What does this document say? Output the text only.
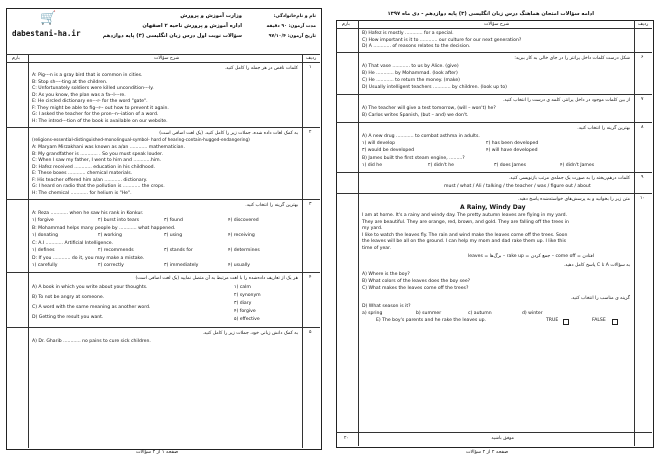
🛒
dabestani-ha.ir
وزارت آموزش و پرورش
اداره آموزش و پرورش ناحیه ۲ اصفهان
سؤالات نوبت اول درس زبان انگلیسی (۳) پایه دوازدهم
نام و نام‌خانوادگی:
مدت آزمون: ۹۰ دقیقه
تاریخ آزمون: ۹۷/۱۰/۴
بارم	شرح سؤالات	ردیف
۱
کلمات ناقص در هر جمله را کامل کنید.
A: Pig---n is a gray bird that is common in cities.
B: Stop sh----ting at the children.
C: Unfortunately soldiers were killed uncondition---ly.
D: As you know, the plan was a fa--l---re.
E: He circled dictionary en---r- for the word "gate".
F: They might be able to fig--r-- out how to prevent it again.
G: I asked the teacher for the pron--n--iation of a word.
H: The introd---tion of the book is available on our website.
۲
به کمک لغات داده شده، جملات زیر را کامل کنید. (یک لغت اضافی است)
(religions-essential-distinguished-monolingual-symbol- hard of hearing-contain-hugged-endangering)
A: Maryam Mirzakhani was known as a/an ............ mathematician.
B: My grandfather is ............ . So you must speak louder.
C: When I saw my father, I went to him and ............him.
D: Hafez received ............ education in his childhood.
E: These boxes ............ chemical materials.
F: His teacher offered him a/an ............ dictionary.
G: I heard on radio that the pollution is ............ the crops.
H: The chemical ............ for helium is "He".
۳
بهترین گزینه را انتخاب کنید.
A: Reza ............ when he saw his rank in Konkur.
۱) forgive	۲) burst into tears	۳) found	۴) discovered
B: Mohammad helps many people by ............ what happened.
۱) donating	۲) working	۳) using	۴) receiving
C: A.I ............ Artificial Intelligence.
۱) defines	۲) recommends	۳) stands for	۴) determines
D: If you ............ do it, you may make a mistake.
۱) carefully	۲) correctly	۳) immediately	۴) usually
۴
هر یک از تعاریف داده‌شده را با لغت مرتبط به آن متصل نمایید (یک لغت اضافی است)
A) A book in which you write about your thoughts.
B) To not be angry at someone.
C) A word with the same meaning as another word.
D) Getting the result you want.
۱) calm
۲) synonym
۳) diary
۴) forgive
۵) effective
۵
به کمک دانش زبانی خود، جملات زیر را کامل کنید.
A) Dr. Gharib ............ no pains to cure sick children.
صفحه ۱ از ۲ سؤالات
ادامه سؤالات امتحان هماهنگ درس زبان انگلیسی (۳) پایه دوازدهم - دی ماه ۱۳۹۷
بارم	شرح سؤالات	ردیف
B) Hafez is mostly ............ for a special.
C) How important is it to ............ our culture for our next generation?
D) A ............ of reasons relates to the decision.
۶
شکل درست کلمات داخل پرانتز را در جای خالی به کار ببرید:
A) That vase ............ to us by Alice. (give)
B) He ............ by Mohammad. (look after)
C) He ............ to return the money. (make)
D) Usually intelligent teachers ............ by children. (look up to)
۷
از بین کلمات موجود در داخل پرانتز، کلمه ی درست را انتخاب کنید.
A) The teacher will give a test tomorrow, (will – won't) he?
B) Carlos writes Spanish, (but – and) we don't.
۸
بهترین گزینه را انتخاب کنید.
A) A new drug ............ to combat asthma in adults.
۱) will develop	۲) has been developed
۳) would be developed	۴) will have developed
B) James built the first steam engine, .........?
۱) did he	۲) didn't he	۳) does James	۴) didn't James
۹
کلمات درهم‌ریخته را به صورت یک جمله‌ی مرتب بازنویسی کنید.
must / what / Ali / talking / the teacher / was / figure out / about
۱۰
متن زیر را بخوانید و به پرسش‌های خواسته‌شده پاسخ دهید.
A Rainy, Windy Day
I am at home. It's a rainy and windy day. The pretty autumn leaves are flying in my yard.
They are beautiful. They are orange, red, brown, and gold. They are falling off the trees in
my yard.
I like to watch the leaves fly. The rain and wind make the leaves come off the trees. Soon
the leaves will be all on the ground. I can help my mom and dad rake them up. I like this
time of year.
افتادن = come off – جمع کردن = rake up – برگ‌ها = leaves
به سؤالات A تا C پاسخ کامل دهید.
A) Where is the boy?
B) What colors of the leaves does the boy see?
C) What makes the leaves come off the trees?
گزینه ی مناسب را انتخاب کنید.
D) What season is it?
a) spring	b) summer	c) autumn	d) winter
E) The boy's parents and he rake the leaves up.	TRUE	FALSE
۲۰	موفق باشید
صفحه ۲ از ۲ سؤالات
